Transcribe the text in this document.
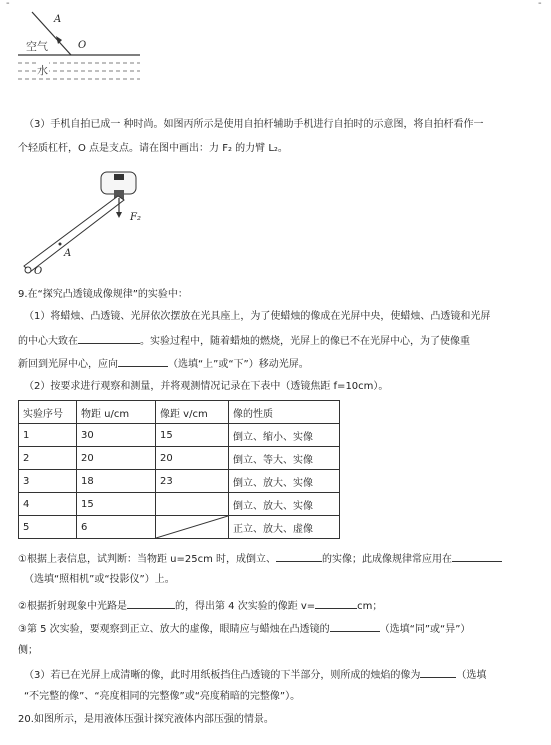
-	-
A
O
空气
水
（3）手机自拍已成一 种时尚。如图丙所示是使用自拍杆辅助手机进行自拍时的示意图，将自拍杆看作一
个轻质杠杆，O 点是支点。请在图中画出：力 F₂ 的力臂 L₂。
F₂
A
O
9.在“探究凸透镜成像规律”的实验中：
（1）将蜡烛、凸透镜、光屏依次摆放在光具座上，为了使蜡烛的像成在光屏中央，使蜡烛、凸透镜和光屏
的中心大致在	。实验过程中，随着蜡烛的燃烧，光屏上的像已不在光屏中心，为了使像重
新回到光屏中心，应向	（选填“上”或“下”）移动光屏。
（2）按要求进行观察和测量，并将观测情况记录在下表中（透镜焦距 f=10cm）。
实验序号	物距 u/cm	像距 v/cm	像的性质
1	30	15	倒立、缩小、实像
2	20	20	倒立、等大、实像
3	18	23	倒立、放大、实像
4	15		倒立、放大、实像
5	6		正立、放大、虚像
①根据上表信息，试判断：当物距 u=25cm 时，成倒立、	的实像；此成像规律常应用在
（选填“照相机”或“投影仪”）上。
②根据折射现象中光路是	的，得出第 4 次实验的像距 v=	cm；
③第 5 次实验，要观察到正立、放大的虚像，眼睛应与蜡烛在凸透镜的	（选填“同”或“异”）
侧；
（3）若已在光屏上成清晰的像，此时用纸板挡住凸透镜的下半部分，则所成的烛焰的像为	（选填
“不完整的像”、“亮度相同的完整像”或“亮度稍暗的完整像”）。
20.如图所示，是用液体压强计探究液体内部压强的情景。
